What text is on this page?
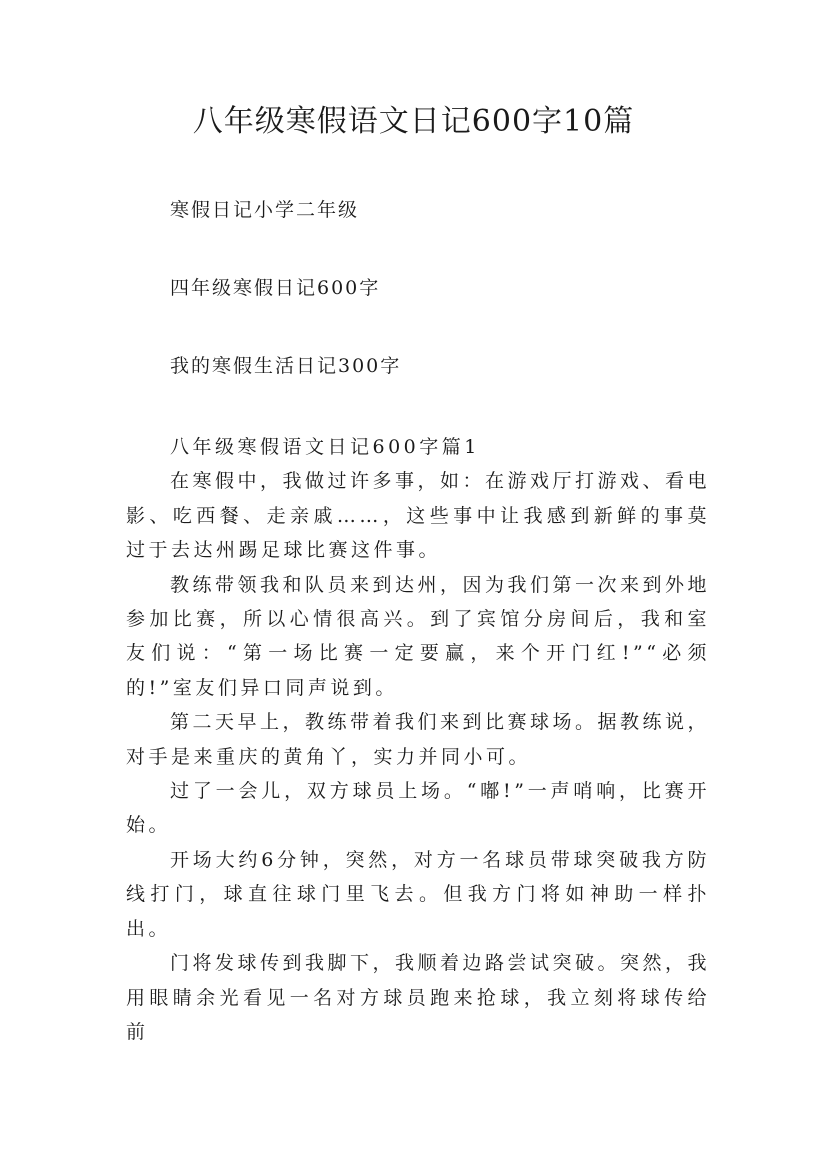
八年级寒假语文日记600字10篇

寒假日记小学二年级

四年级寒假日记600字

我的寒假生活日记300字

八年级寒假语文日记600字篇1

在寒假中，我做过许多事，如：在游戏厅打游戏、看电影、吃西餐、走亲戚……，这些事中让我感到新鲜的事莫过于去达州踢足球比赛这件事。

教练带领我和队员来到达州，因为我们第一次来到外地参加比赛，所以心情很高兴。到了宾馆分房间后，我和室友们说：“第一场比赛一定要赢，来个开门红!”“必须的!”室友们异口同声说到。

第二天早上，教练带着我们来到比赛球场。据教练说，对手是来重庆的黄角丫，实力并同小可。

过了一会儿，双方球员上场。“嘟!”一声哨响，比赛开始。

开场大约6分钟，突然，对方一名球员带球突破我方防线打门，球直往球门里飞去。但我方门将如神助一样扑出。

门将发球传到我脚下，我顺着边路尝试突破。突然，我用眼睛余光看见一名对方球员跑来抢球，我立刻将球传给前
